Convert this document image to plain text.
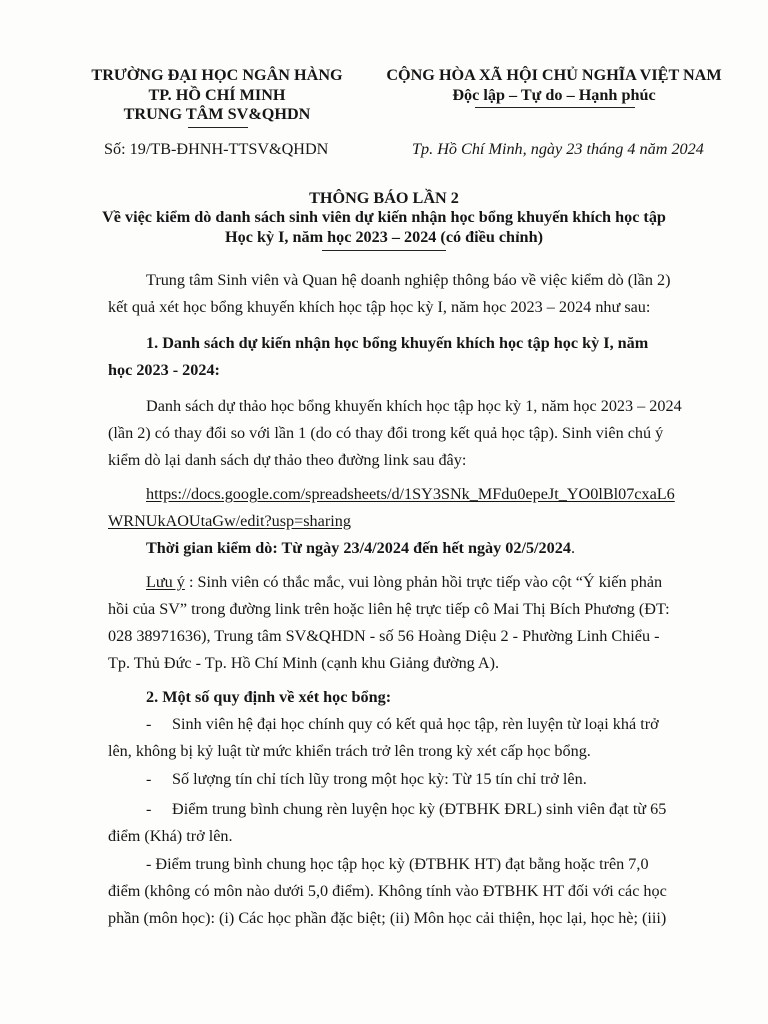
TRƯỜNG ĐẠI HỌC NGÂN HÀNG
TP. HỒ CHÍ MINH
TRUNG TÂM SV&QHDN
CỘNG HÒA XÃ HỘI CHỦ NGHĨA VIỆT NAM
Độc lập – Tự do – Hạnh phúc
Số: 19/TB-ĐHNH-TTSV&QHDN	Tp. Hồ Chí Minh, ngày 23 tháng 4 năm 2024
THÔNG BÁO LẦN 2
Về việc kiểm dò danh sách sinh viên dự kiến nhận học bổng khuyến khích học tập
Học kỳ I, năm học 2023 – 2024 (có điều chỉnh)
Trung tâm Sinh viên và Quan hệ doanh nghiệp thông báo về việc kiểm dò (lần 2)
kết quả xét học bổng khuyến khích học tập học kỳ I, năm học 2023 – 2024 như sau:
1. Danh sách dự kiến nhận học bổng khuyến khích học tập học kỳ I, năm
học 2023 - 2024:
Danh sách dự thảo học bổng khuyến khích học tập học kỳ 1, năm học 2023 – 2024
(lần 2) có thay đổi so với lần 1 (do có thay đổi trong kết quả học tập). Sinh viên chú ý
kiểm dò lại danh sách dự thảo theo đường link sau đây:
https://docs.google.com/spreadsheets/d/1SY3SNk_MFdu0epeJt_YO0lBl07cxaL6
WRNUkAOUtaGw/edit?usp=sharing
Thời gian kiểm dò: Từ ngày 23/4/2024 đến hết ngày 02/5/2024.
Lưu ý : Sinh viên có thắc mắc, vui lòng phản hồi trực tiếp vào cột “Ý kiến phản
hồi của SV” trong đường link trên hoặc liên hệ trực tiếp cô Mai Thị Bích Phương (ĐT:
028 38971636), Trung tâm SV&QHDN - số 56 Hoàng Diệu 2 - Phường Linh Chiểu -
Tp. Thủ Đức - Tp. Hồ Chí Minh (cạnh khu Giảng đường A).
2. Một số quy định về xét học bổng:
- Sinh viên hệ đại học chính quy có kết quả học tập, rèn luyện từ loại khá trở
lên, không bị kỷ luật từ mức khiển trách trở lên trong kỳ xét cấp học bổng.
- Số lượng tín chỉ tích lũy trong một học kỳ: Từ 15 tín chỉ trở lên.
- Điểm trung bình chung rèn luyện học kỳ (ĐTBHK ĐRL) sinh viên đạt từ 65
điểm (Khá) trở lên.
- Điểm trung bình chung học tập học kỳ (ĐTBHK HT) đạt bằng hoặc trên 7,0
điểm (không có môn nào dưới 5,0 điểm). Không tính vào ĐTBHK HT đối với các học
phần (môn học): (i) Các học phần đặc biệt; (ii) Môn học cải thiện, học lại, học hè; (iii)
